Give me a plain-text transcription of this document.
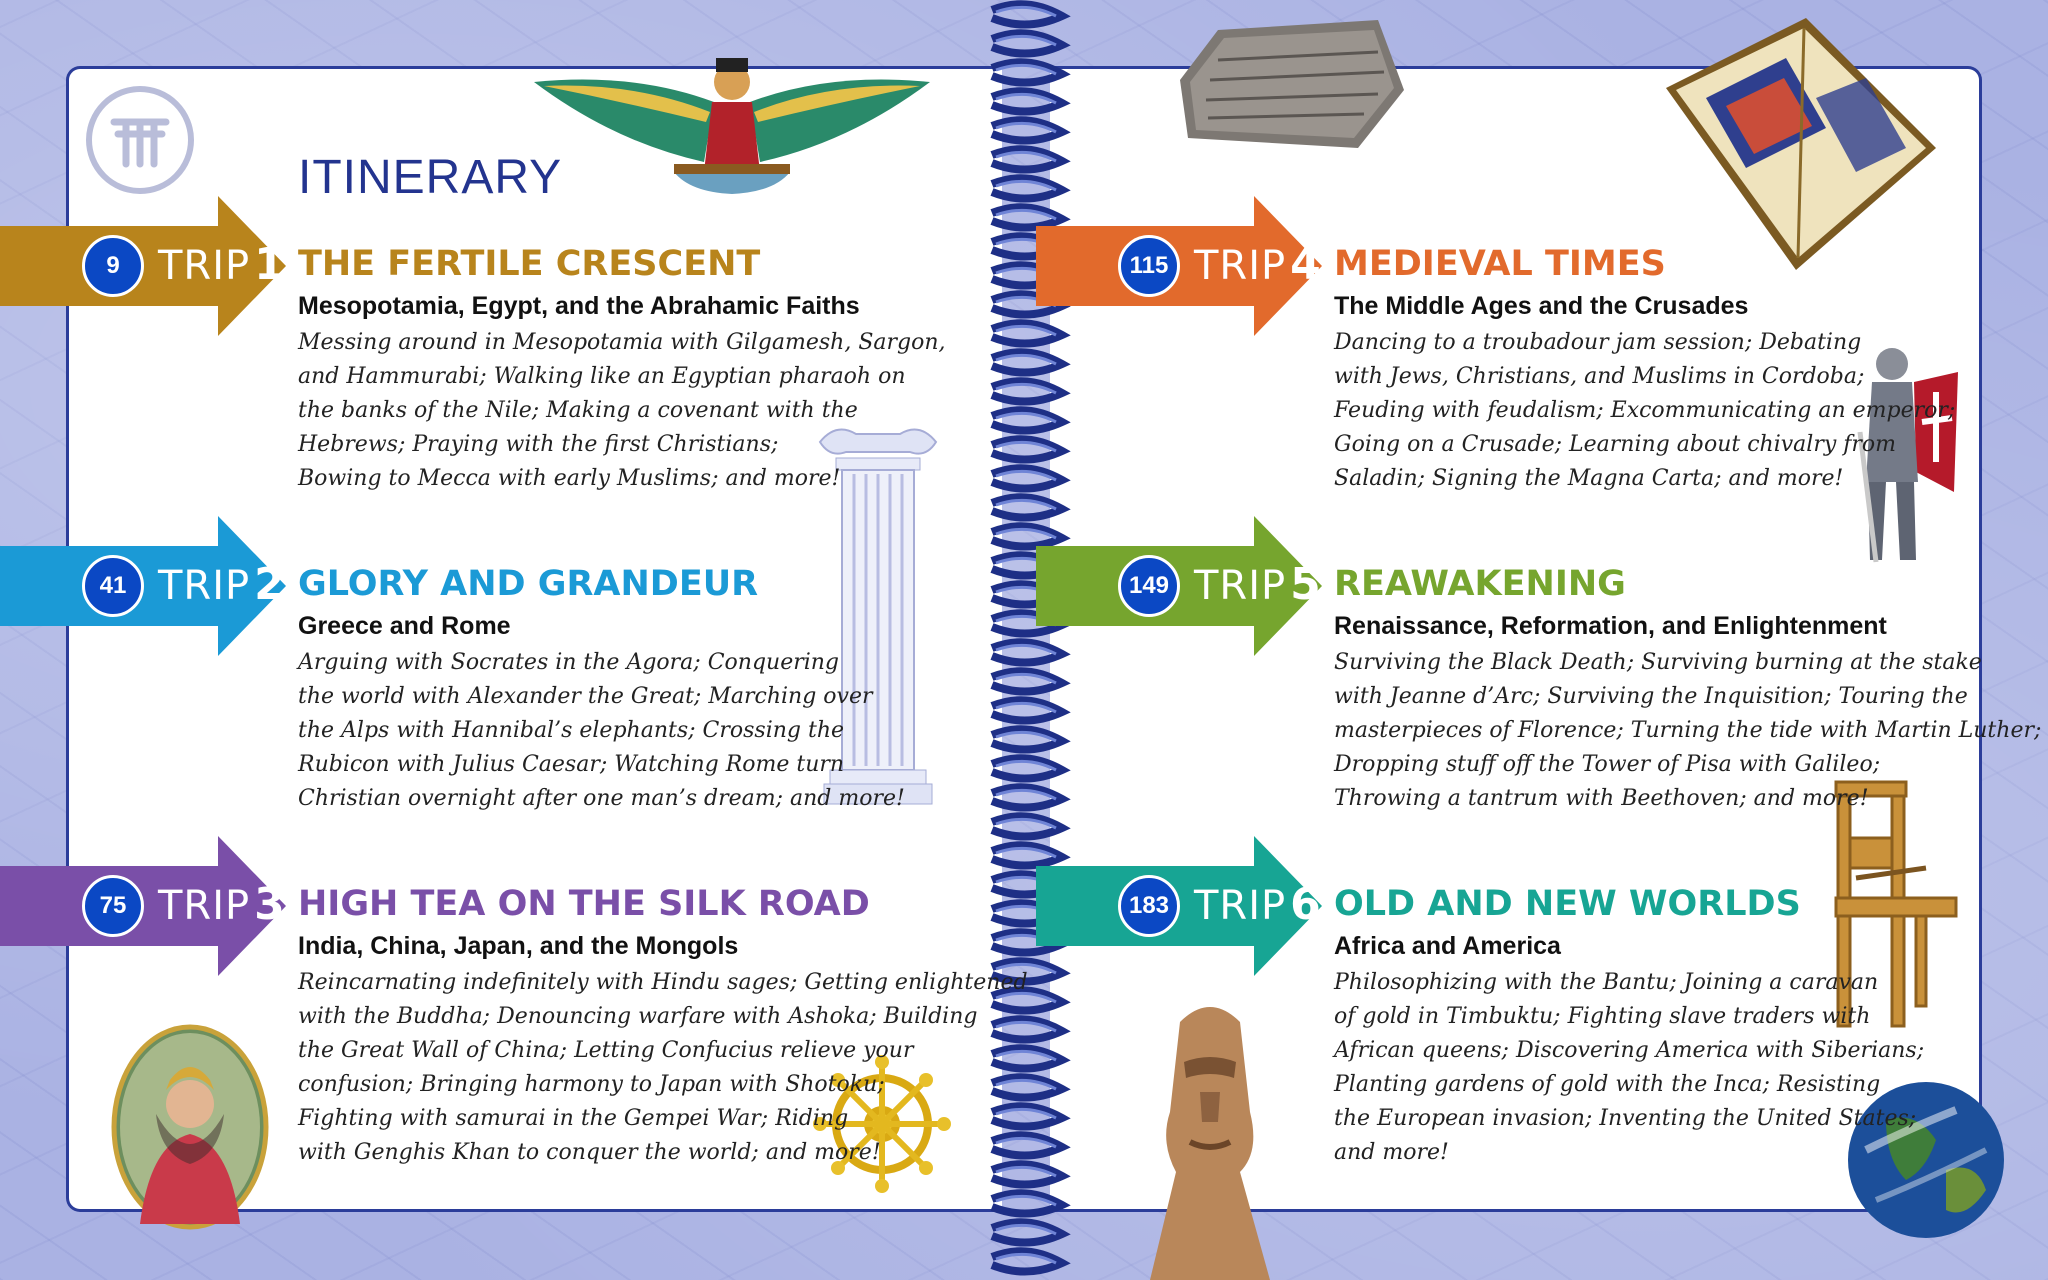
ITINERARY
9 TRIP1 THE FERTILE CRESCENT
Mesopotamia, Egypt, and the Abrahamic Faiths
Messing around in Mesopotamia with Gilgamesh, Sargon,
and Hammurabi; Walking like an Egyptian pharaoh on
the banks of the Nile; Making a covenant with the
Hebrews; Praying with the first Christians;
Bowing to Mecca with early Muslims; and more!
41 TRIP2 GLORY AND GRANDEUR
Greece and Rome
Arguing with Socrates in the Agora; Conquering
the world with Alexander the Great; Marching over
the Alps with Hannibal’s elephants; Crossing the
Rubicon with Julius Caesar; Watching Rome turn
Christian overnight after one man’s dream; and more!
75 TRIP3 HIGH TEA ON THE SILK ROAD
India, China, Japan, and the Mongols
Reincarnating indefinitely with Hindu sages; Getting enlightened
with the Buddha; Denouncing warfare with Ashoka; Building
the Great Wall of China; Letting Confucius relieve your
confusion; Bringing harmony to Japan with Shotoku;
Fighting with samurai in the Gempei War; Riding
with Genghis Khan to conquer the world; and more!
115 TRIP4 MEDIEVAL TIMES
The Middle Ages and the Crusades
Dancing to a troubadour jam session; Debating
with Jews, Christians, and Muslims in Cordoba;
Feuding with feudalism; Excommunicating an emperor;
Going on a Crusade; Learning about chivalry from
Saladin; Signing the Magna Carta; and more!
149 TRIP5 REAWAKENING
Renaissance, Reformation, and Enlightenment
Surviving the Black Death; Surviving burning at the stake
with Jeanne d’Arc; Surviving the Inquisition; Touring the
masterpieces of Florence; Turning the tide with Martin Luther;
Dropping stuff off the Tower of Pisa with Galileo;
Throwing a tantrum with Beethoven; and more!
183 TRIP6 OLD AND NEW WORLDS
Africa and America
Philosophizing with the Bantu; Joining a caravan
of gold in Timbuktu; Fighting slave traders with
African queens; Discovering America with Siberians;
Planting gardens of gold with the Inca; Resisting
the European invasion; Inventing the United States;
and more!
